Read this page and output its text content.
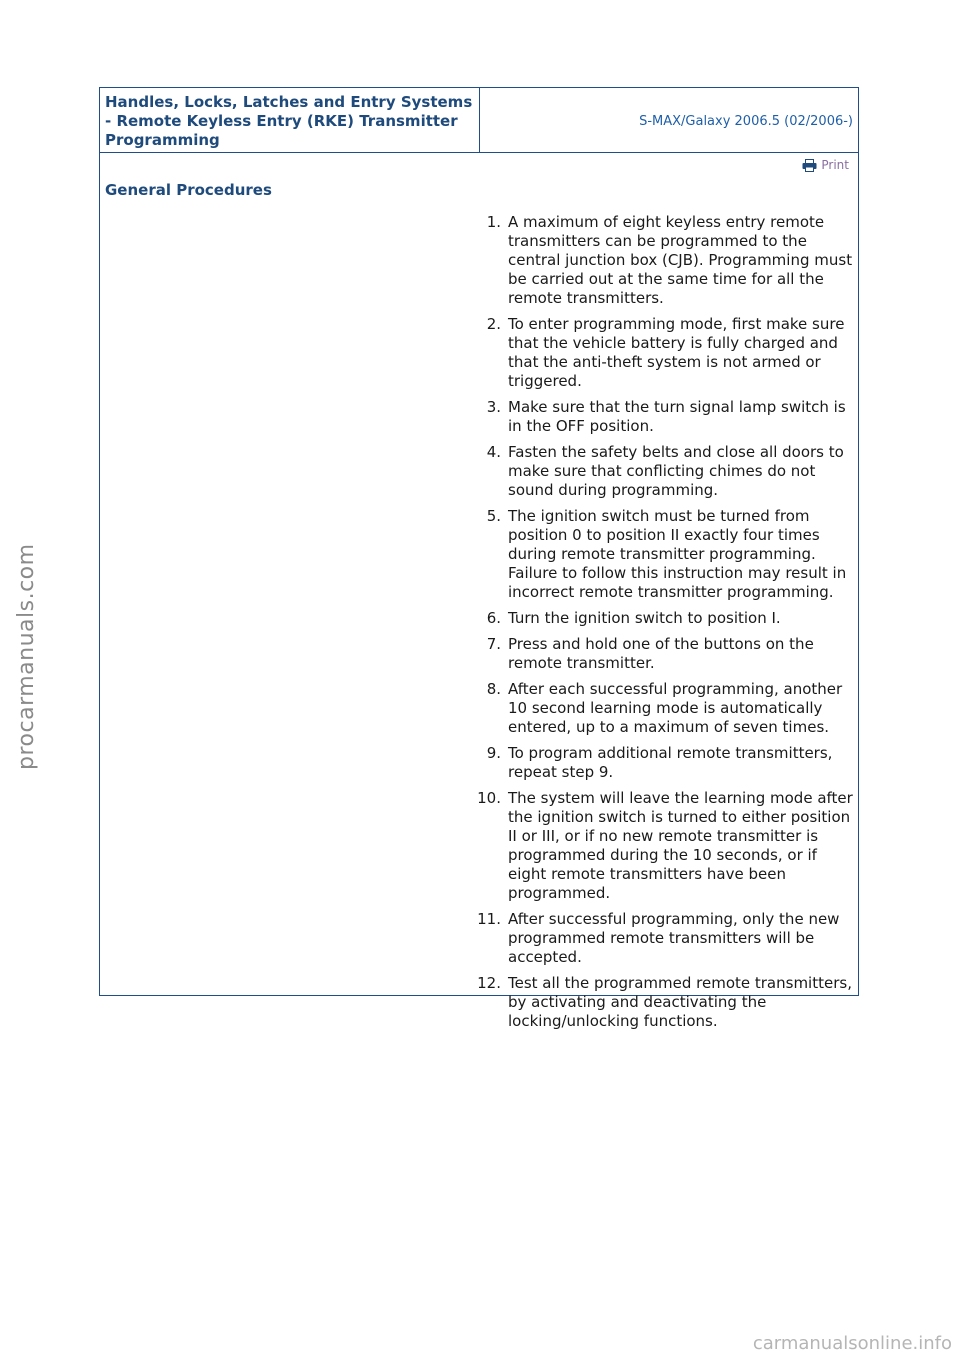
Handles, Locks, Latches and Entry Systems - Remote Keyless Entry (RKE) Transmitter Programming
S-MAX/Galaxy 2006.5 (02/2006-)
Print
General Procedures
1. A maximum of eight keyless entry remote transmitters can be programmed to the central junction box (CJB). Programming must be carried out at the same time for all the remote transmitters.
2. To enter programming mode, first make sure that the vehicle battery is fully charged and that the anti-theft system is not armed or triggered.
3. Make sure that the turn signal lamp switch is in the OFF position.
4. Fasten the safety belts and close all doors to make sure that conflicting chimes do not sound during programming.
5. The ignition switch must be turned from position 0 to position II exactly four times during remote transmitter programming. Failure to follow this instruction may result in incorrect remote transmitter programming.
6. Turn the ignition switch to position I.
7. Press and hold one of the buttons on the remote transmitter.
8. After each successful programming, another 10 second learning mode is automatically entered, up to a maximum of seven times.
9. To program additional remote transmitters, repeat step 9.
10. The system will leave the learning mode after the ignition switch is turned to either position II or III, or if no new remote transmitter is programmed during the 10 seconds, or if eight remote transmitters have been programmed.
11. After successful programming, only the new programmed remote transmitters will be accepted.
12. Test all the programmed remote transmitters, by activating and deactivating the locking/unlocking functions.
procarmanuals.com
carmanualsonline.info
